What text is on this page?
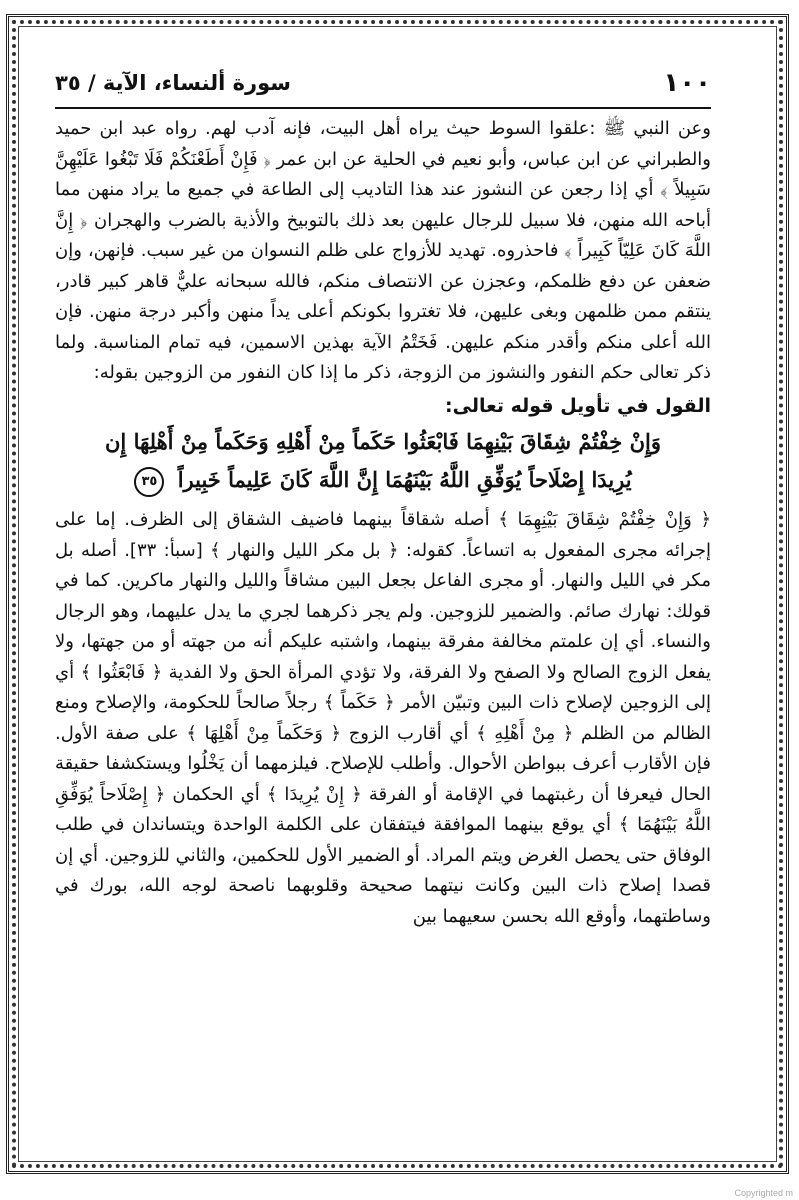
١٠٠
سورة ألنساء، الآية / ٣٥

وعن النبي ﷺ :علقوا السوط حيث يراه أهل البيت، فإنه آدب لهم. رواه عبد ابن حميد والطبراني عن ابن عباس، وأبو نعيم في الحلية عن ابن عمر ﴿ فَإِنْ أَطَعْنَكُمْ فَلَا تَبْغُوا عَلَيْهِنَّ سَبِيلاً ﴾ أي إذا رجعن عن النشوز عند هذا التاديب إلى الطاعة في جميع ما يراد منهن مما أباحه الله منهن، فلا سبيل للرجال عليهن بعد ذلك بالتوبيخ والأذية بالضرب والهجران ﴿ إِنَّ اللَّهَ كَانَ عَلِيّاً كَبِيراً ﴾ فاحذروه. تهديد للأزواج على ظلم النسوان من غير سبب. فإنهن، وإن ضعفن عن دفع ظلمكم، وعجزن عن الانتصاف منكم، فالله سبحانه عليٌّ قاهر كبير قادر، ينتقم ممن ظلمهن وبغى عليهن، فلا تغتروا بكونكم أعلى يداً منهن وأكبر درجة منهن. فإن الله أعلى منكم وأقدر منكم عليهن. فَخَتْمُ الآية بهذين الاسمين، فيه تمام المناسبة. ولما ذكر تعالى حكم النفور والنشوز من الزوجة، ذكر ما إذا كان النفور من الزوجين بقوله:

القول في تأويل قوله تعالى:

وَإِنْ خِفْتُمْ شِقَاقَ بَيْنِهِمَا فَابْعَثُوا حَكَماً مِنْ أَهْلِهِ وَحَكَماً مِنْ أَهْلِهَا إِن
يُرِيدَا إِصْلَاحاً يُوَفِّقِ اللَّهُ بَيْنَهُمَا إِنَّ اللَّهَ كَانَ عَلِيماً خَبِيراً ٣٥

﴿ وَإِنْ خِفْتُمْ شِقَاقَ بَيْنِهِمَا ﴾ أصله شقاقاً بينهما فاضيف الشقاق إلى الظرف. إما على إجرائه مجرى المفعول به اتساعاً. كقوله: ﴿ بل مكر الليل والنهار ﴾ [سبأ: ٣٣]. أصله بل مكر في الليل والنهار. أو مجرى الفاعل بجعل البين مشاقاً والليل والنهار ماكرين. كما في قولك: نهارك صائم. والضمير للزوجين. ولم يجر ذكرهما لجري ما يدل عليهما، وهو الرجال والنساء. أي إن علمتم مخالفة مفرقة بينهما، واشتبه عليكم أنه من جهته أو من جهتها، ولا يفعل الزوج الصالح ولا الصفح ولا الفرقة، ولا تؤدي المرأة الحق ولا الفدية ﴿ فَابْعَثُوا ﴾ أي إلى الزوجين لإصلاح ذات البين وتبيّن الأمر ﴿ حَكَماً ﴾ رجلاً صالحاً للحكومة، والإصلاح ومنع الظالم من الظلم ﴿ مِنْ أَهْلِهِ ﴾ أي أقارب الزوج ﴿ وَحَكَماً مِنْ أَهْلِهَا ﴾ على صفة الأول. فإن الأقارب أعرف ببواطن الأحوال. وأطلب للإصلاح. فيلزمهما أن يَخْلُوا ويستكشفا حقيقة الحال فيعرفا أن رغبتهما في الإقامة أو الفرقة ﴿ إِنْ يُرِيدَا ﴾ أي الحكمان ﴿ إِصْلَاحاً يُوَفِّقِ اللَّهُ بَيْنَهُمَا ﴾ أي يوقع بينهما الموافقة فيتفقان على الكلمة الواحدة ويتساندان في طلب الوفاق حتى يحصل الغرض ويتم المراد. أو الضمير الأول للحكمين، والثاني للزوجين. أي إن قصدا إصلاح ذات البين وكانت نيتهما صحيحة وقلوبهما ناصحة لوجه الله، بورك في وساطتهما، وأوقع الله بحسن سعيهما بين

Copyrighted m
